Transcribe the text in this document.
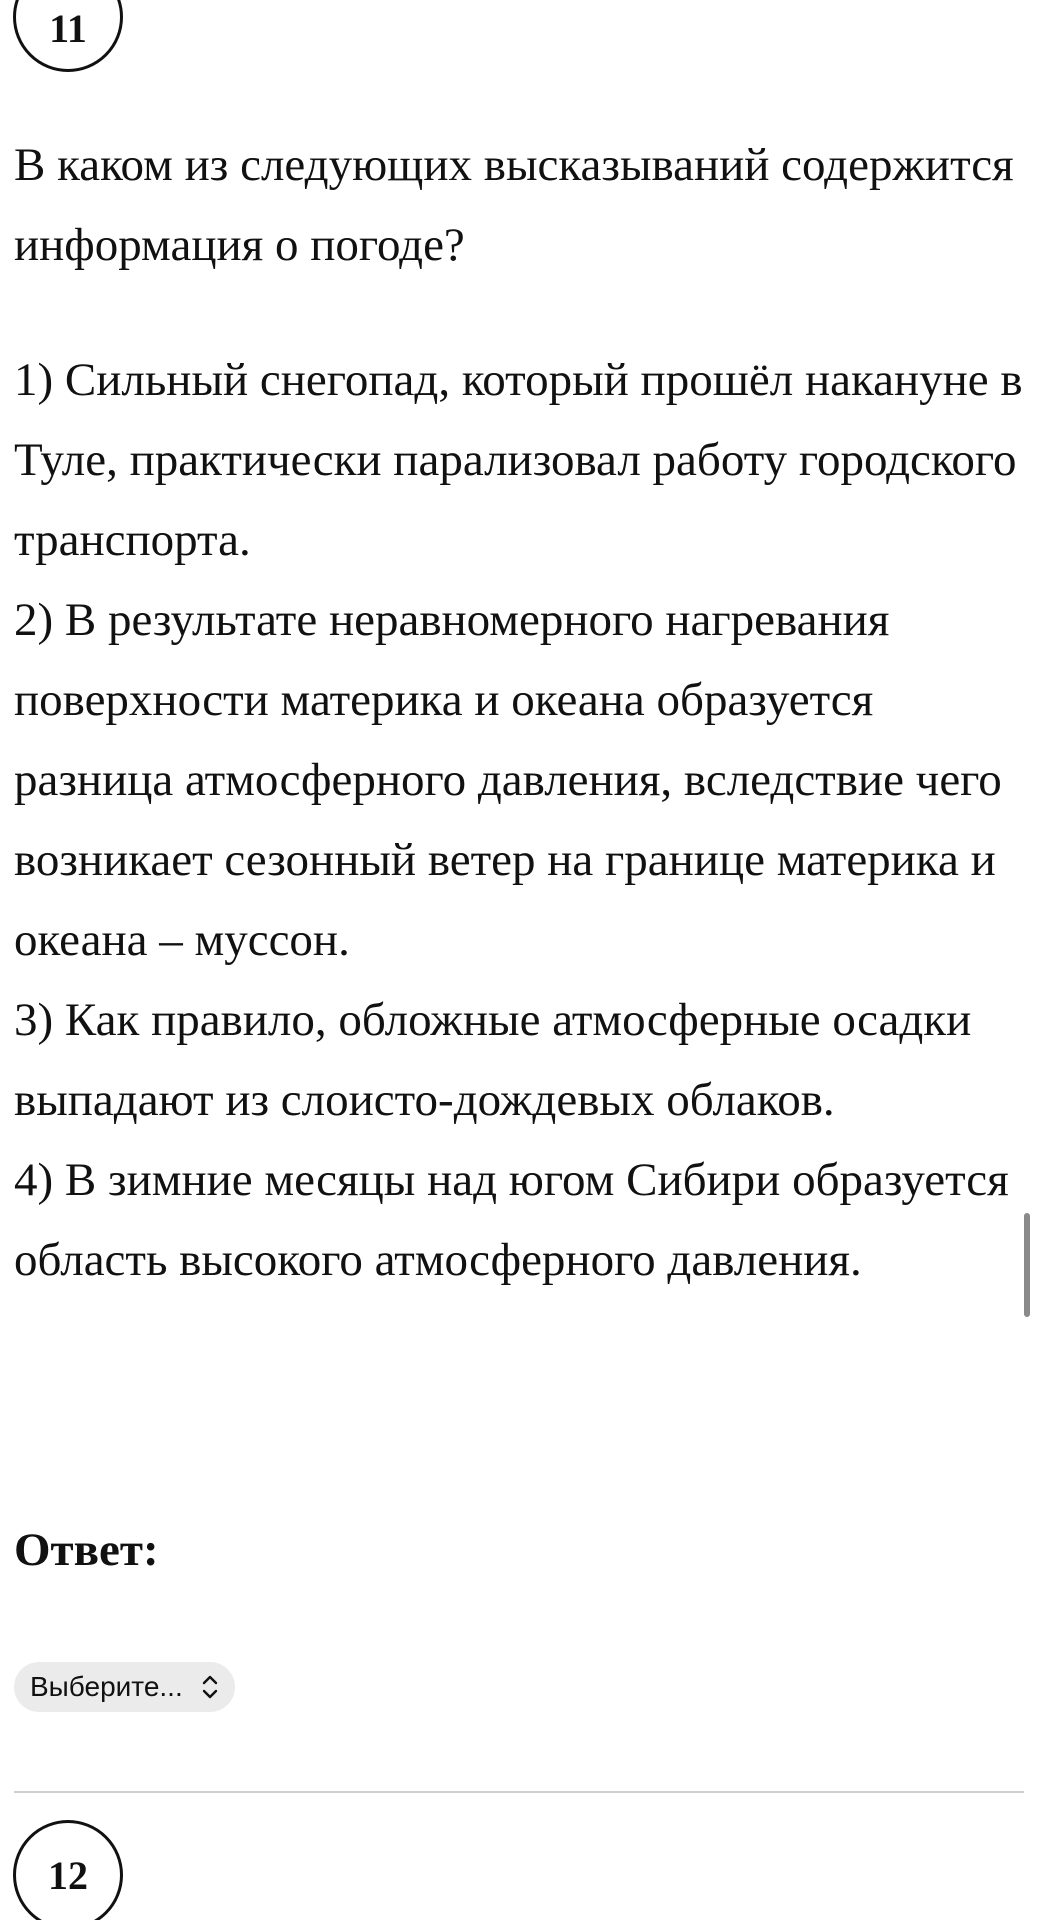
11

В каком из следующих высказываний содержится информация о погоде?

1) Сильный снегопад, который прошёл накануне в Туле, практически парализовал работу городского транспорта.
2) В результате неравномерного нагревания поверхности материка и океана образуется разница атмосферного давления, вследствие чего возникает сезонный ветер на границе материка и океана – муссон.
3) Как правило, обложные атмосферные осадки выпадают из слоисто-дождевых облаков.
4) В зимние месяцы над югом Сибири образуется область высокого атмосферного давления.

Ответ:

Выберите...
12
